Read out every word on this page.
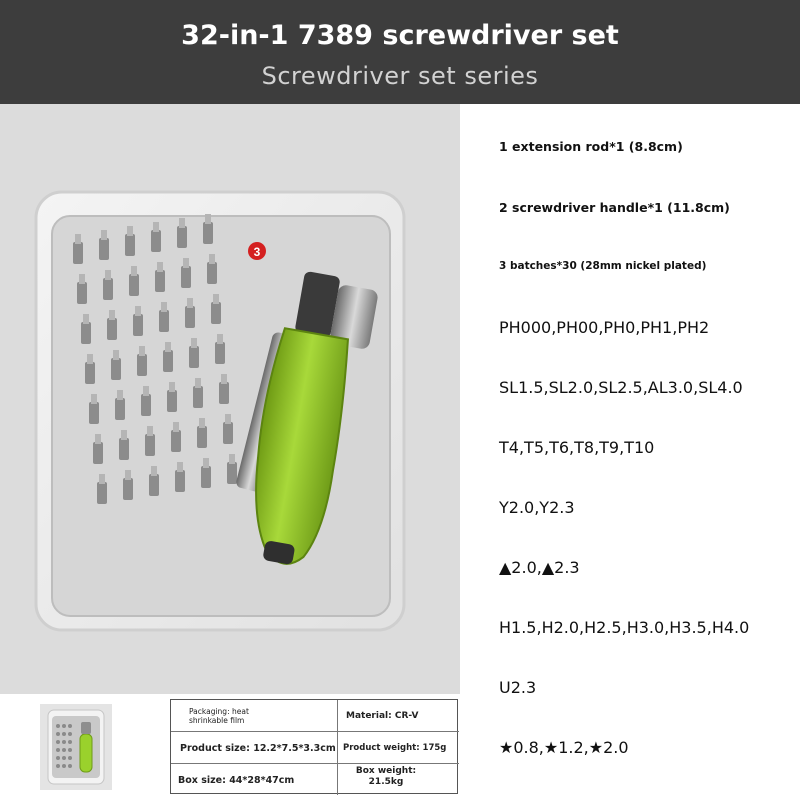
32-in-1 7389 screwdriver set
Screwdriver set series
3
1 extension rod*1 (8.8cm)
2 screwdriver handle*1 (11.8cm)
3 batches*30 (28mm nickel plated)
PH000,PH00,PH0,PH1,PH2
SL1.5,SL2.0,SL2.5,AL3.0,SL4.0
T4,T5,T6,T8,T9,T10
Y2.0,Y2.3
▲2.0,▲2.3
H1.5,H2.0,H2.5,H3.0,H3.5,H4.0
U2.3
★0.8,★1.2,★2.0
Packaging: heat shrinkable film	Material: CR-V
Product size: 12.2*7.5*3.3cm Product weight: 175g
Box size: 44*28*47cm
Box weight: 21.5kg
